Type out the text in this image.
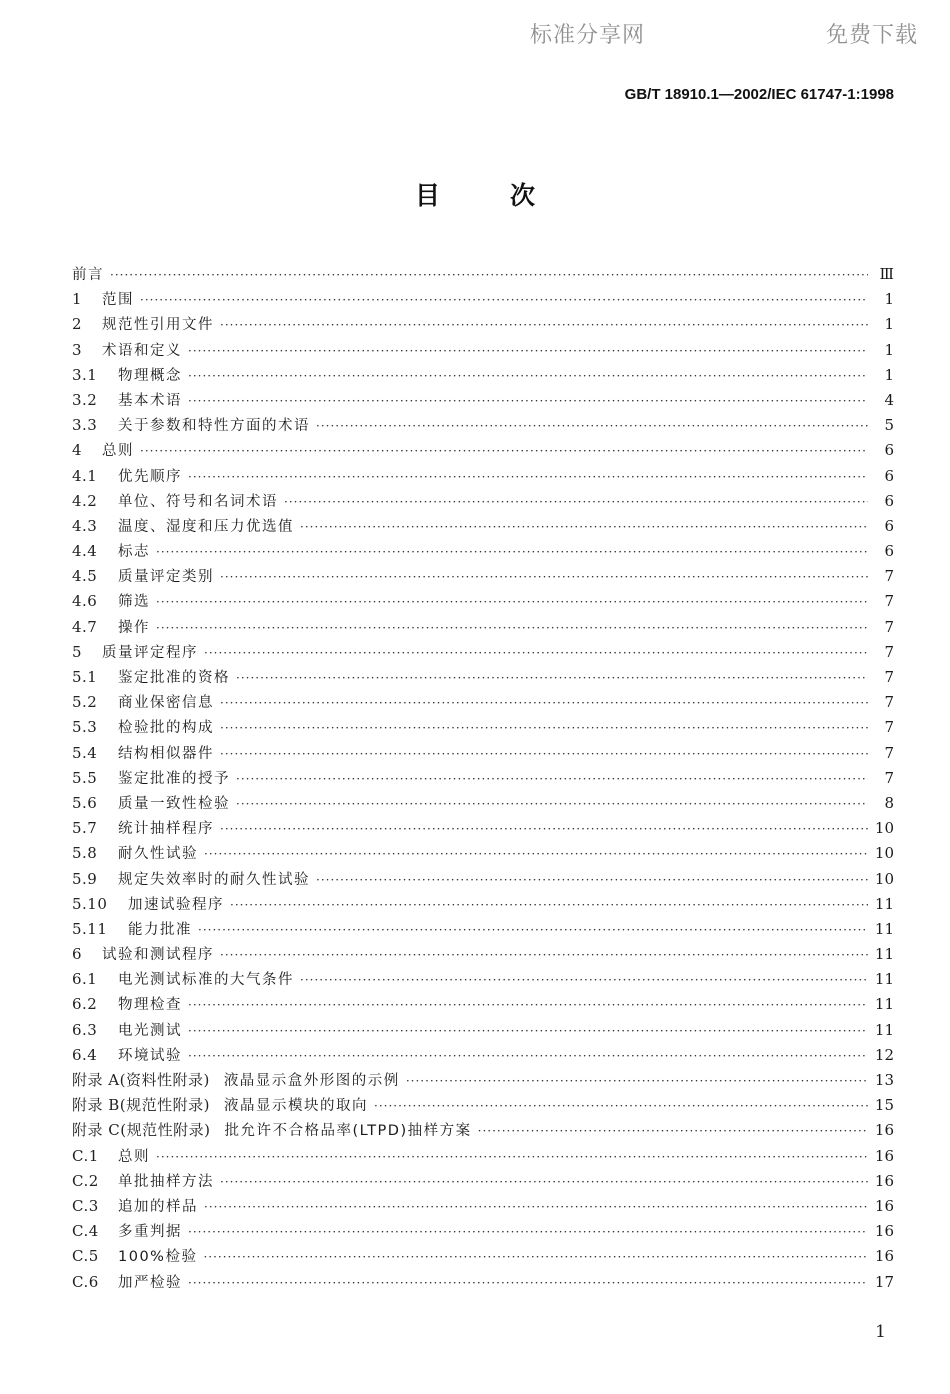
标准分享网	免费下载
GB/T 18910.1—2002/IEC 61747-1:1998
目	次
前言 ·····	Ⅲ
1	范围 ·····	1
2	规范性引用文件 ·····	1
3	术语和定义 ·····	1
3.1	物理概念 ·····	1
3.2	基本术语 ·····	4
3.3	关于参数和特性方面的术语 ·····	5
4	总则 ·····	6
4.1	优先顺序 ·····	6
4.2	单位、符号和名词术语 ·····	6
4.3	温度、湿度和压力优选值 ·····	6
4.4	标志 ·····	6
4.5	质量评定类别 ·····	7
4.6	筛选 ·····	7
4.7	操作 ·····	7
5	质量评定程序 ·····	7
5.1	鉴定批准的资格 ·····	7
5.2	商业保密信息 ·····	7
5.3	检验批的构成 ·····	7
5.4	结构相似器件 ·····	7
5.5	鉴定批准的授予 ·····	7
5.6	质量一致性检验 ·····	8
5.7	统计抽样程序 ·····	10
5.8	耐久性试验 ·····	10
5.9	规定失效率时的耐久性试验 ·····	10
5.10	加速试验程序 ·····	11
5.11	能力批准 ·····	11
6	试验和测试程序 ·····	11
6.1	电光测试标准的大气条件 ·····	11
6.2	物理检查 ·····	11
6.3	电光测试 ·····	11
6.4	环境试验 ·····	12
附录 A(资料性附录) 液晶显示盒外形图的示例 ·····	13
附录 B(规范性附录) 液晶显示模块的取向 ·····	15
附录 C(规范性附录) 批允许不合格品率(LTPD)抽样方案 ·····	16
C.1	总则 ·····	16
C.2	单批抽样方法 ·····	16
C.3	追加的样品 ·····	16
C.4	多重判据 ·····	16
C.5	100%检验 ·····	16
C.6	加严检验 ·····	17
1
